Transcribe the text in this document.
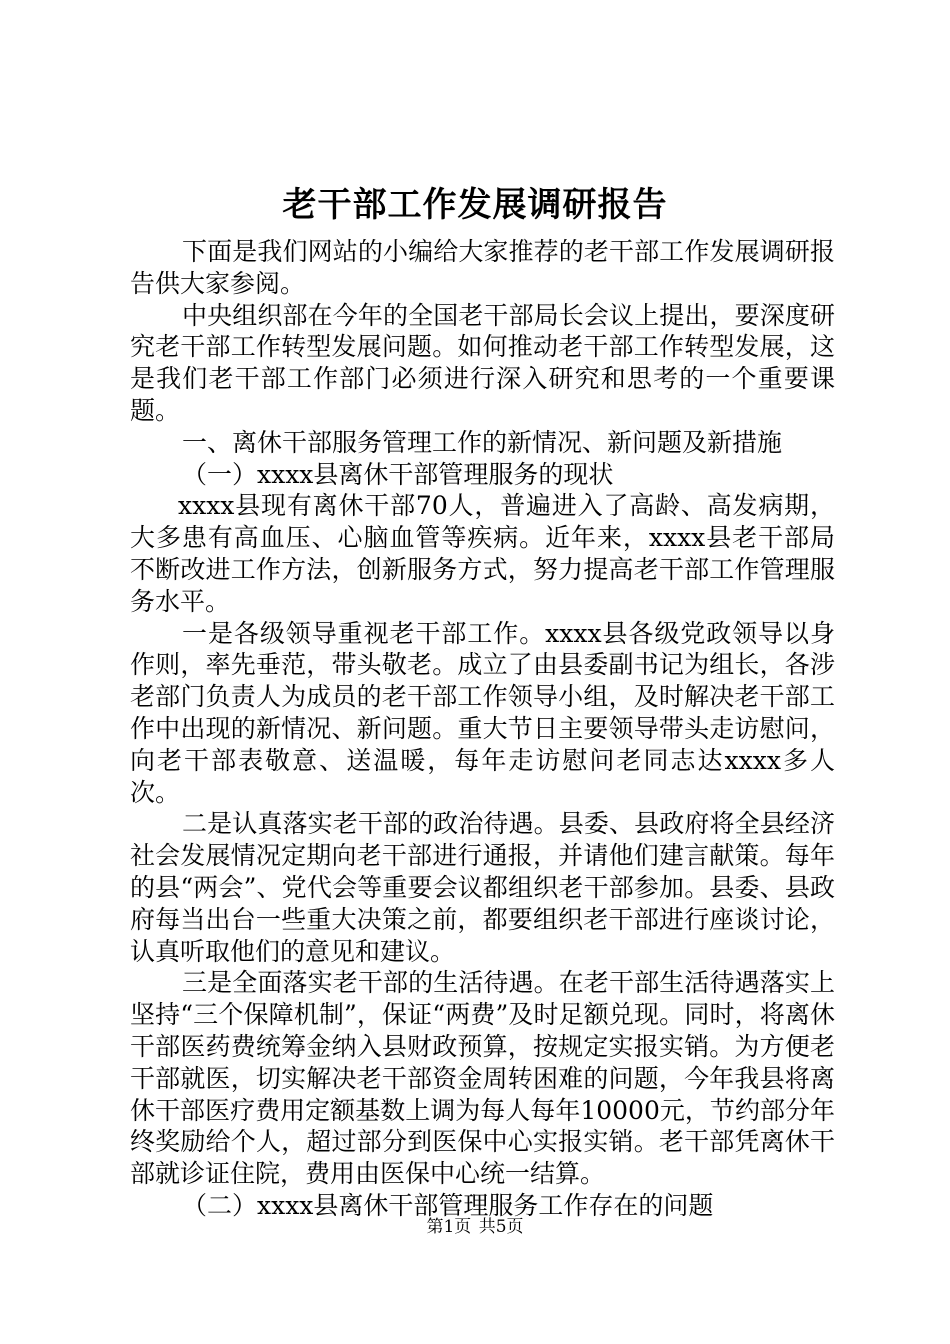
老干部工作发展调研报告

下面是我们网站的小编给大家推荐的老干部工作发展调研报告供大家参阅。

中央组织部在今年的全国老干部局长会议上提出，要深度研究老干部工作转型发展问题。如何推动老干部工作转型发展，这是我们老干部工作部门必须进行深入研究和思考的一个重要课题。

一、离休干部服务管理工作的新情况、新问题及新措施

（一）xxxx县离休干部管理服务的现状

xxxx县现有离休干部70人，普遍进入了高龄、高发病期，大多患有高血压、心脑血管等疾病。近年来，xxxx县老干部局不断改进工作方法，创新服务方式，努力提高老干部工作管理服务水平。

一是各级领导重视老干部工作。xxxx县各级党政领导以身作则，率先垂范，带头敬老。成立了由县委副书记为组长，各涉老部门负责人为成员的老干部工作领导小组，及时解决老干部工作中出现的新情况、新问题。重大节日主要领导带头走访慰问，向老干部表敬意、送温暖，每年走访慰问老同志达xxxx多人次。

二是认真落实老干部的政治待遇。县委、县政府将全县经济社会发展情况定期向老干部进行通报，并请他们建言献策。每年的县“两会”、党代会等重要会议都组织老干部参加。县委、县政府每当出台一些重大决策之前，都要组织老干部进行座谈讨论，认真听取他们的意见和建议。

三是全面落实老干部的生活待遇。在老干部生活待遇落实上坚持“三个保障机制”，保证“两费”及时足额兑现。同时，将离休干部医药费统筹金纳入县财政预算，按规定实报实销。为方便老干部就医，切实解决老干部资金周转困难的问题，今年我县将离休干部医疗费用定额基数上调为每人每年10000元，节约部分年终奖励给个人，超过部分到医保中心实报实销。老干部凭离休干部就诊证住院，费用由医保中心统一结算。

（二）xxxx县离休干部管理服务工作存在的问题

第1页 共5页
